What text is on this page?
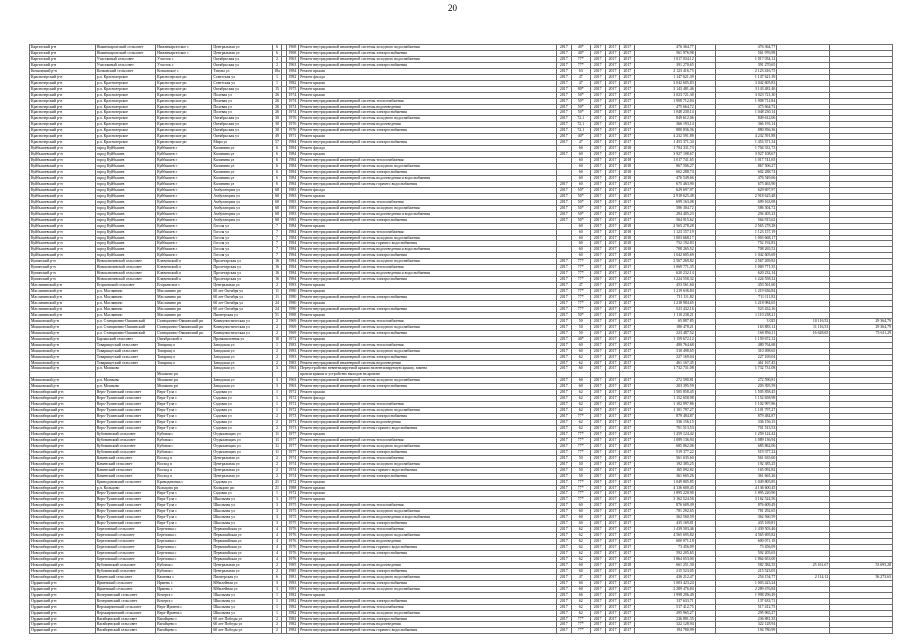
20
Каргатский р-н	Нижнекаргатский сельсовет	Нижнекаргатское с	Центральная ул	6		1968	Ремонт внутридомовой инженерной системы холодного водоснабжения	2017	40*	2017	2017	2017	476 364,77		476 364,77		
Каргатский р-н	Нижнекаргатский сельсовет	Нижнекаргатское с	Центральная ул	6		1968	Ремонт внутридомовой инженерной системы электроснабжения	2017	40*	2017	2017	2017	561 976,98		561 976,98		
Каргатский р-н	Участковый сельсовет	Участок с	Октябрьская ул	2		1963	Ремонт внутридомовой инженерной системы холодного водоснабжения	2017	77*	2017	2017	2017	1 017 034,12		1 017 034,12		
Каргатский р-н	Участковый сельсовет	Участок с	Октябрьская ул	2		1963	Ремонт внутридомовой инженерной системы электроснабжения	2017	77*	2017	2017	2017	391 270,65		391 270,65		
Кочковский р-н	Кочковский сельсовет	Кочковское с	Титова ул	18а		1984	Ремонт крыши	2017	63	2017	2017	2017	2 123 416,75		2 123 416,75		
Краснозерский р-н	р.п. Краснозерское	Краснозерское рп	Советская ул	1		1982	Ремонт фасада	2017	47	2017	2017	2017	1 147 621,39		1 147 621,39		
Краснозерский р-н	р.п. Краснозерское	Краснозерское рп	Советская ул	1		1982	Ремонт крыши	2017	47	2017	2017	2017	3 042 605,83		3 042 605,83		
Краснозерский р-н	р.п. Краснозерское	Краснозерское рп	Октябрьская ул	15		1975	Ремонт крыши	2017	80*	2017	2017	2017	3 143 481,46		3 143 481,46		
Краснозерский р-н	р.п. Краснозерское	Краснозерское рп	Полевая ул	26		1974	Ремонт крыши	2017	50*	2017	2017	2017	3 023 721,30		3 023 721,30		
Краснозерский р-н	р.п. Краснозерское	Краснозерское рп	Полевая ул	26		1974	Ремонт внутридомовой инженерной системы теплоснабжения	2017	50*	2017	2017	2017	1 908 712,84		1 908 712,84		
Краснозерский р-н	р.п. Краснозерское	Краснозерское рп	Полевая ул	26		1974	Ремонт внутридомовой инженерной системы водоотведения	2017	50*	2017	2017	2017	475 664,72		475 664,72		
Краснозерский р-н	р.п. Краснозерское	Краснозерское рп	Полевая ул	26		1974	Ремонт внутридомовой инженерной системы электроснабжения	2017	50*	2017	2017	2017	1 048 230,14		1 048 230,14		
Краснозерский р-н	р.п. Краснозерское	Краснозерское рп	Октябрьская ул	30		1976	Ремонт внутридомовой инженерной системы холодного водоснабжения	2017	72,1	2017	2017	2017	849 612,06		849 612,06		
Краснозерский р-н	р.п. Краснозерское	Краснозерское рп	Октябрьская ул	30		1976	Ремонт внутридомовой инженерной системы водоотведения	2017	72,1	2017	2017	2017	366 193,14		366 193,14		
Краснозерский р-н	р.п. Краснозерское	Краснозерское рп	Октябрьская ул	30		1976	Ремонт внутридомовой инженерной системы электроснабжения	2017	72,1	2017	2017	2017	880 836,36		880 836,36		
Краснозерский р-н	р.п. Краснозерское	Краснозерское рп	Октябрьская ул	49		1971	Ремонт крыши	2017	40*	2017	2017	2017	4 232 591,88		4 232 591,88		
Краснозерский р-н	р.п. Краснозерское	Краснозерское рп	Мира ул	57		1984	Ремонт внутридомовой инженерной системы электроснабжения	2017	47	2017	2017	2017	1 453 371,34		1 453 371,34		
Куйбышевский р-н	город Куйбышев	Куйбышев г	Калинина ул	6		1984	Ремонт фасада		60	2017	2017	2018	1 704 331,73		1 704 331,73		
Куйбышевский р-н	город Куйбышев	Куйбышев г	Калинина ул	6		1984	Ремонт крыши	2017	60	2017	2017	2017	3 927 108,67		3 927 108,67		
Куйбышевский р-н	город Куйбышев	Куйбышев г	Калинина ул	6		1984	Ремонт внутридомовой инженерной системы теплоснабжения		60	2017	2017	2018	1 017 741,65		1 017 741,65		
Куйбышевский р-н	город Куйбышев	Куйбышев г	Калинина ул	6		1984	Ремонт внутридомовой инженерной системы холодного водоснабжения		60	2017	2017	2018	867 506,27		867 506,27		
Куйбышевский р-н	город Куйбышев	Куйбышев г	Калинина ул	6		1984	Ремонт внутридомовой инженерной системы электроснабжения		60	2017	2017	2018	602 288,74		602 288,74		
Куйбышевский р-н	город Куйбышев	Куйбышев г	Калинина ул	6		1984	Ремонт внутридомовой инженерной системы водоотведения и водоснабжения		60	2017	2017	2018	476 549,66		476 549,66		
Куйбышевский р-н	город Куйбышев	Куйбышев г	Калинина ул	6		1984	Ремонт внутридомовой инженерной системы горячего водоснабжения	2017	60	2017	2017	2017	675 463,90		675 463,90		
Куйбышевский р-н	город Куйбышев	Куйбышев г	Амбулатория ул	68		1983	Ремонт фасада	2017	50*	2017	2017	2017	629 697,97		629 697,97		
Куйбышевский р-н	город Куйбышев	Куйбышев г	Амбулатория ул	68		1983	Ремонт крыши	2017	50*	2017	2017	2017	2 918 625,48		2 918 625,48		
Куйбышевский р-н	город Куйбышев	Куйбышев г	Амбулатория ул	68		1983	Ремонт внутридомовой инженерной системы теплоснабжения	2017	50*	2017	2017	2017	699 163,08		699 163,08		
Куйбышевский р-н	город Куйбышев	Куйбышев г	Амбулатория ул	68		1983	Ремонт внутридомовой инженерной системы холодного водоснабжения	2017	50*	2017	2017	2017	586 304,72		586 304,72		
Куйбышевский р-н	город Куйбышев	Куйбышев г	Амбулатория ул	68		1983	Ремонт внутридомовой инженерной системы водоотведения и водоснабжения	2017	50*	2017	2017	2017	294 405,23		294 405,23		
Куйбышевский р-н	город Куйбышев	Куйбышев г	Амбулатория ул	68		1983	Ремонт внутридомовой инженерной системы электроснабжения	2017	50*	2017	2017	2017	564 915,62		564 915,62		
Куйбышевский р-н	город Куйбышев	Куйбышев г	Гоголя ул	7		1984	Ремонт крыши		60	2017	2017	2018	2 565 278,28		2 565 278,28		
Куйбышевский р-н	город Куйбышев	Куйбышев г	Гоголя ул	7		1984	Ремонт внутридомовой инженерной системы теплоснабжения		60	2017	2017	2018	1 123 157,19		1 123 157,19		
Куйбышевский р-н	город Куйбышев	Куйбышев г	Гоголя ул	7		1984	Ремонт внутридомовой инженерной системы холодного водоснабжения		60	2017	2017	2018	1 003 668,17		1 003 668,17		
Куйбышевский р-н	город Куйбышев	Куйбышев г	Гоголя ул	7		1984	Ремонт внутридомовой инженерной системы горячего водоснабжения		60	2017	2017	2018	752 192,83		752 192,83		
Куйбышевский р-н	город Куйбышев	Куйбышев г	Гоголя ул	7		1984	Ремонт внутридомовой инженерной системы водоотведения и водоснабжения		60	2017	2017	2018	708 265,52		708 265,52		
Куйбышевский р-н	город Куйбышев	Куйбышев г	Гоголя ул	7		1984	Ремонт внутридомовой инженерной системы электроснабжения		60	2017	2017	2018	1 042 605,69		1 042 605,69		
Купинский р-н	Новоключевской сельсовет	Ключевский п	Пролетарская ул	16		1984	Ремонт внутридомовой инженерной системы холодного водоснабжения	2017	77*	2017	2017	2017	2 567 269,82		2 567 269,82		
Купинский р-н	Новоключевской сельсовет	Ключевский п	Пролетарская ул	16		1984	Ремонт внутридомовой инженерной системы теплоснабжения	2017	77*	2017	2017	2017	1 069 771,35		1 069 771,35		
Купинский р-н	Новоключевской сельсовет	Ключевский п	Пролетарская ул	16		1984	Ремонт внутридомовой инженерной системы водоотведения и водоснабжения	2017	77*	2017	2017	2017	620 232,14		620 232,14		
Купинский р-н	Новоключевской сельсовет	Ключевский п	Пролетарская ул	16		1984	Ремонт внутридомовой инженерной системы электроснабжения	2017	77*	2017	2017	2017	1 224 558,32		1 224 558,32		
Маслянинский р-н	Егорьевский сельсовет	Егорьевское с	Центральная ул	2		1983	Ремонт крыши	2017	47	2017	2017	2017	453 561,60		453 561,60		
Маслянинский р-н	р.п. Маслянино	Маслянино рп	60 лет Октября ул	11		1980	Ремонт крыши	2017	77*	2017	2017	2017	1 219 636,84		1 219 636,84		
Маслянинский р-н	р.п. Маслянино	Маслянино рп	60 лет Октября ул	11		1980	Ремонт внутридомовой инженерной системы электроснабжения	2017	77*	2017	2017	2017	711 111,82		711 111,82		
Маслянинский р-н	р.п. Маслянино	Маслянино рп	60 лет Октября ул	24		1980	Ремонт крыши	2017	77*	2017	2017	2017	1 218 984,65		1 218 984,65		
Маслянинский р-н	р.п. Маслянино	Маслянино рп	60 лет Октября ул	24		1980	Ремонт внутридомовой инженерной системы электроснабжения	2017	77*	2017	2017	2017	523 432,16		523 432,16		
Маслянинский р-н	р.п. Маслянино	Маслянино рп	Пионерская ул	51		1988	Ремонт крыши	2017	50*	2017	2017	2017	1 110 238,21		1 110 238,21		
Мошковский р-н	р.п. Станционно-Ояшинский	Станционно-Ояшинский рп	Коммунистическая ул	2		1969	Ремонт внутридомовой инженерной системы теплоснабжения	2017	50	2017	2017	2017	65 887,85		3 025	10 116,52	29 364,79
Мошковский р-н	р.п. Станционно-Ояшинский	Станционно-Ояшинский рп	Коммунистическая ул	2		1969	Ремонт внутридомовой инженерной системы холодного водоснабжения	2017	50	2017	2017	2017	186 478,21		163 883,12	11 116,53	29 364,79
Мошковский р-н	р.п. Станционно-Ояшинский	Станционно-Ояшинский рп	Коммунистическая ул	2		1969	Ремонт внутридомовой инженерной системы электроснабжения	2017	50	2017	2017	2017	223 487,52		160 856,11	16 628,65	73 611,29
Мошковский р-н	Барлакский сельсовет	Октябрьский п	Промышленная ул	10		1972	Ремонт крыши	2017	40*	2017	2017	2017	1 159 672,12		1 159 672,12		
Мошковский р-н	Товарищеский сельсовет	Товарищ п	Заводская ул	1		1983	Ремонт внутридомовой инженерной системы теплоснабжения	2017	60	2017	2017	2017	480 764,68		480 764,68		
Мошковский р-н	Товарищеский сельсовет	Товарищ п	Заводская ул	2		1983	Ремонт внутридомовой инженерной системы холодного водоснабжения	2017	60	2017	2017	2017	310 498,65		310 498,65		
Мошковский р-н	Товарищеский сельсовет	Товарищ п	Заводская ул	2		1983	Ремонт внутридомовой инженерной системы электроснабжения	2017	62	2017	2017	2017	227 169,04		227 169,04		
Мошковский р-н	Товарищеский сельсовет	Товарищ п	Заводская ул	2		1983	Ремонт внутридомовой инженерной системы водоотведения	2017	62	2017	2017	2017	461 167,45		461 167,45		
Мошковский р-н	р.п. Мошково		Заводская ул	3		1963	Переустройство невентилируемой крыши на вентилируемую крышу, замена	2017	60	2017	2017	2017	1 732 731,08		1 732 731,08		
		Мошково рп					кровли крыши и устройство выходов на кровлю										
Мошковский р-н	р.п. Мошково	Мошково рп	Заводская ул	3		1963	Ремонт внутридомовой инженерной системы холодного водоснабжения	2017	60	2017	2017	2017	272 590,81		272 590,81		
Мошковский р-н	р.п. Мошково	Мошково рп	Заводская ул	3		1963	Ремонт внутридомовой инженерной системы электроснабжения	2017	60	2017	2017	2017	203 395,59		203 395,59		
Новосибирский р-н	Верх-Тулинский сельсовет	Верх-Тула с	Садовая ул	1		1972	Ремонт крыши	2017	62	2017	2017	2017	1 505 858,45		1 505 858,45		
Новосибирский р-н	Верх-Тулинский сельсовет	Верх-Тула с	Садовая ул	1		1972	Ремонт фасада	2017	62	2017	2017	2017	1 152 658,98		1 152 658,98		
Новосибирский р-н	Верх-Тулинский сельсовет	Верх-Тула с	Садовая ул	1		1972	Ремонт внутридомовой инженерной системы теплоснабжения	2017	62	2017	2017	2017	1 102 997,86		1 102 997,86		
Новосибирский р-н	Верх-Тулинский сельсовет	Верх-Тула с	Садовая ул	1		1972	Ремонт внутридомовой инженерной системы холодного водоснабжения	2017	62	2017	2017	2017	1 101 797,27		1 101 797,27		
Новосибирский р-н	Верх-Тулинский сельсовет	Верх-Тула с	Садовая ул	2		1973	Ремонт внутридомовой инженерной системы электроснабжения	2017	77*	2017	2017	2017	879 484,87		879 484,87		
Новосибирский р-н	Верх-Тулинский сельсовет	Верх-Тула с	Садовая ул	2		1973	Ремонт внутридомовой инженерной системы водоотведения	2017	62	2017	2017	2017	336 156,15		336 156,15		
Новосибирский р-н	Верх-Тулинский сельсовет	Верх-Тула с	Садовая ул	2		1973	Ремонт внутридомовой инженерной системы горячего водоснабжения	2017	62	2017	2017	2017	701 513,53		701 513,53		
Новосибирский р-н	Кубовинский сельсовет	Кубовая с	Отдыхающих ул	11		1977	Ремонт крыши	2017	77*	2017	2017	2017	1 259 124,42		1 259 124,42		
Новосибирский р-н	Кубовинский сельсовет	Кубовая с	Отдыхающих ул	11		1977	Ремонт внутридомовой инженерной системы теплоснабжения	2017	77*	2017	2017	2017	1 089 136,94		1 089 136,94		
Новосибирский р-н	Кубовинский сельсовет	Кубовая с	Отдыхающих ул	11		1977	Ремонт внутридомовой инженерной системы холодного водоснабжения	2017	77*	2017	2017	2017	685 862,06		685 862,06		
Новосибирский р-н	Кубовинский сельсовет	Кубовая с	Отдыхающих ул	11		1977	Ремонт внутридомовой инженерной системы электроснабжения	2017	77*	2017	2017	2017	519 377,22		519 377,22		
Новосибирский р-н	Каменский сельсовет	Восход п	Центральная ул	2		1974	Ремонт внутридомовой инженерной системы теплоснабжения	2017	50	2017	2017	2017	561 635,60		561 635,60		
Новосибирский р-н	Каменский сельсовет	Восход п	Центральная ул	2		1974	Ремонт внутридомовой инженерной системы холодного водоснабжения	2017	50	2017	2017	2017	192 385,25		192 385,25		
Новосибирский р-н	Каменский сельсовет	Восход п	Центральная ул	2		1974	Ремонт внутридомовой инженерной системы горячего водоснабжения	2017	50	2017	2017	2017	165 092,82		165 092,82		
Новосибирский р-н	Каменский сельсовет	Восход п	Центральная ул	2		1974	Ремонт внутридомовой инженерной системы электроснабжения	2017	50	2017	2017	2017	361 665,26		361 665,26		
Новосибирский р-н	Криводановский сельсовет	Криводановка с	Садовая ул	21		1972	Ремонт крыши	2017	77*	2017	2017	2017	1 049 805,85		1 049 805,85		
Новосибирский р-н	р.п. Кольцово	Кольцово рп	Кольцово рп	21		1988	Ремонт крыши	2017	77*	2017	2017	2017	4 136 600,45		4 136 600,45		
Новосибирский р-н	Верх-Тулинский сельсовет	Верх-Тула с	Садовая ул	1		1972	Ремонт крыши	2017	77*	2017	2017	2017	1 895 220,90		1 895 220,90		
Новосибирский р-н	Верх-Тулинский сельсовет	Верх-Тула с	Школьная ул	3		1975	Ремонт крыши	2017	77*	2017	2017	2017	3 162 524,56		3 162 524,56		
Новосибирский р-н	Верх-Тулинский сельсовет	Верх-Тула с	Школьная ул	3		1975	Ремонт внутридомовой инженерной системы теплоснабжения	2017	60	2017	2017	2017	876 609,49		876 609,49		
Новосибирский р-н	Верх-Тулинский сельсовет	Верх-Тула с	Школьная ул	3		1975	Ремонт внутридомовой инженерной системы холодного водоснабжения	2017	60	2017	2017	2017	781 292,65		781 292,65		
Новосибирский р-н	Верх-Тулинский сельсовет	Верх-Тула с	Школьная ул	3		1975	Ремонт внутридомовой инженерной системы водоотведения и водоснабжения	2017	60	2017	2017	2017	362 560,59		362 560,59		
Новосибирский р-н	Верх-Тулинский сельсовет	Верх-Тула с	Школьная ул	3		1975	Ремонт внутридомовой инженерной системы электроснабжения	2017	60	2017	2017	2017	435 169,81		435 169,81		
Новосибирский р-н	Березовский сельсовет	Березовка с	Первомайская ул	4		1976	Ремонт внутридомовой инженерной системы теплоснабжения	2017	62	2017	2017	2017	1 439 503,46		1 439 503,46		
Новосибирский р-н	Березовский сельсовет	Березовка с	Первомайская ул	4		1976	Ремонт внутридомовой инженерной системы холодного водоснабжения	2017	62	2017	2017	2017	4 565 695,82		4 565 695,82		
Новосибирский р-н	Березовский сельсовет	Березовка с	Первомайская ул	4		1976	Ремонт внутридомовой инженерной системы водоотведения	2017	62	2017	2017	2017	600 071,18		600 071,18		
Новосибирский р-н	Березовский сельсовет	Березовка с	Первомайская ул	4		1976	Ремонт внутридомовой инженерной системы горячего водоснабжения	2017	62	2017	2017	2017	73 456,09		73 456,09		
Новосибирский р-н	Березовский сельсовет	Березовка с	Первомайская ул	4		1976	Ремонт внутридомовой инженерной системы электроснабжения	2017	62	2017	2017	2017	592 205,65		592 205,65		
Новосибирский р-н	Березовский сельсовет	Березовка с	Первомайская ул	4		1976	Ремонт крыши	2017	62	2017	2017	2017	1 864 653,00		1 864 653,00		
Новосибирский р-н	Кубовинский сельсовет	Кубовая с	Центральная ул	2		1985	Ремонт внутридомовой инженерной системы водоотведения	2017	60	2017	2017	2018	661 251,30		582 384,35	25 161,67	53 695,28
Новосибирский р-н	Кубовинский сельсовет	Кубовая с	Центральная ул	2		1985	Ремонт внутридомовой инженерной системы электроснабжения	2017	60	2017	2017	2017	215 523,05		215 523,05		
Новосибирский р-н	Каменский сельсовет	Каменка с	Пионерская ул	6		1981	Ремонт внутридомовой инженерной системы холодного водоснабжения	2017	47	2017	2017	2017	436 212,47		254 154,77	2 114,12	56 273,63
Ордынский р-н	Ирменский сельсовет	Ирмень с	Юбилейная ул	3		1983	Ремонт внутридомовой инженерной системы электроснабжения	2017	60	2017	2017	2017	1 003 423,24		1 003 423,24		
Ордынский р-н	Ирменский сельсовет	Ирмень с	Юбилейная ул	3		1983	Ремонт внутридомовой инженерной системы холодного водоснабжения	2017	60	2017	2017	2017	2 289 476,84		2 289 476,84		
Ордынский р-н	Кочергинский сельсовет	Кочерга с	Школьная ул	1		1982	Ремонт крыши	2017	66	2017	2017	2017	1 998 296,49		1 998 296,49		
Ордынский р-н	Кочергинский сельсовет	Кочерга с	Школьная ул	1		1982	Ремонт внутридомовой инженерной системы электроснабжения	2017	62	2017	2017	2017	137 633,71		137 633,71		
Ордынский р-н	Верхкирзинский сельсовет	Верх-Ирмень с	Школьная ул	1		1982	Ремонт внутридомовой инженерной системы теплоснабжения	2017	62	2017	2017	2017	517 412,75		517 412,75		
Ордынский р-н	Верхкирзинский сельсовет	Верх-Ирмень с	Школьная ул	1		1982	Ремонт внутридомовой инженерной системы холодного водоснабжения	2017	62	2017	2017	2017	295 965,27		295 965,27		
Ордынский р-н	Вагайцевский сельсовет	Вагайцево с	60 лет Победы ул	2		1982	Ремонт внутридомовой инженерной системы электроснабжения	2017	77*	2017	2017	2017	236 881,35		236 881,35		
Ордынский р-н	Вагайцевский сельсовет	Вагайцево с	60 лет Победы ул	2		1982	Ремонт внутридомовой инженерной системы водоотведения	2017	77*	2017	2017	2017	322 128,94		322 128,94		
Ордынский р-н	Вагайцевский сельсовет	Вагайцево с	60 лет Победы ул	2		1982	Ремонт внутридомовой инженерной системы горячего водоснабжения	2017	77*	2017	2017	2017	194 780,99		194 780,99		
